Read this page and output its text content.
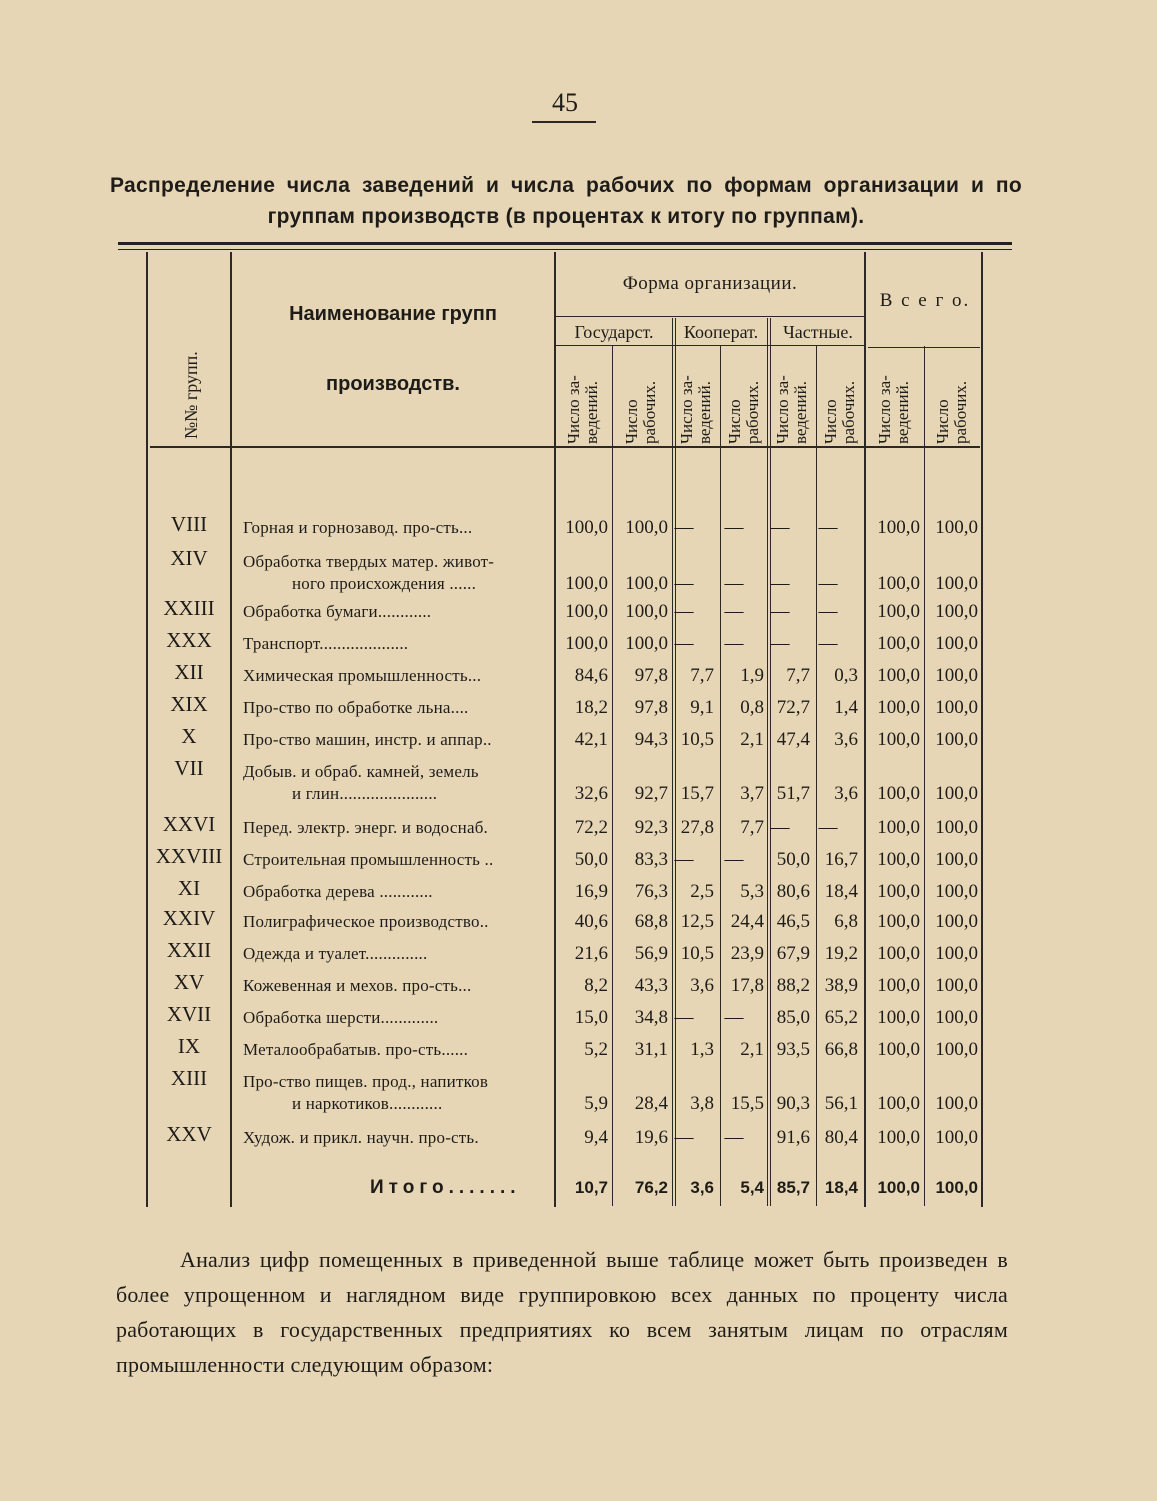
45
Распределение числа заведений и числа рабочих по формам организации и по
группам производств (в процентах к итогу по группам).
№№ групп.
Наименование групп
производств.
Форма организации.
В с е г о.
Государст.	Кооперат.	Частные.
Число за-
ведений. Число
рабочих. Число за-
ведений. Число
рабочих. Число за-
ведений. Число
рабочих. Число за-
ведений. Число
рабочих.
VIII	Горная и горнозавод. про-сть...	100,0 100,0 —	—	—	—	100,0 100,0
XIV	Обработка твердых матер. живот-
ного происхождения ......	100,0 100,0 —	—	—	—	100,0 100,0
XXIII	Обработка бумаги............	100,0 100,0 —	—	—	—	100,0 100,0
XXX	Транспорт....................	100,0 100,0 —	—	—	—	100,0 100,0
XII	Химическая промышленность...	84,6	97,8	7,7	1,9	7,7	0,3	100,0 100,0
XIX	Про-ство по обработке льна....	18,2	97,8	9,1	0,8 72,7	1,4	100,0 100,0
X	Про-ство машин, инстр. и аппар..	42,1	94,3 10,5	2,1 47,4	3,6	100,0 100,0
VII	Добыв. и обраб. камней, земель
и глин......................	32,6	92,7 15,7	3,7 51,7	3,6	100,0 100,0
XXVI	Перед. электр. энерг. и водоснаб.	72,2	92,3 27,8	7,7 —	—	100,0 100,0
XXVIII	Строительная промышленность ..	50,0	83,3 —	—	50,0 16,7	100,0 100,0
XI	Обработка дерева ............	16,9	76,3	2,5	5,3 80,6 18,4	100,0 100,0
XXIV	Полиграфическое производство..	40,6	68,8 12,5 24,4 46,5	6,8	100,0 100,0
XXII	Одежда и туалет..............	21,6	56,9 10,5 23,9 67,9 19,2	100,0 100,0
XV	Кожевенная и мехов. про-сть...	8,2	43,3	3,6 17,8 88,2 38,9	100,0 100,0
XVII	Обработка шерсти.............	15,0	34,8 —	—	85,0 65,2	100,0 100,0
IX	Металообрабатыв. про-сть......	5,2	31,1	1,3	2,1 93,5 66,8	100,0 100,0
XIII	Про-ство пищев. прод., напитков
и наркотиков............	5,9	28,4	3,8 15,5 90,3 56,1	100,0 100,0
XXV	Худож. и прикл. научн. про-сть.	9,4	19,6 —	—	91,6 80,4	100,0 100,0
Итого.......	10,7	76,2	3,6	5,4 85,7 18,4	100,0 100,0
Анализ цифр помещенных в приведенной выше таблице может быть произведен в более упрощенном и наглядном виде группировкою всех данных по проценту числа работающих в государственных предприятиях ко всем занятым лицам по отраслям промышленности следующим образом:
